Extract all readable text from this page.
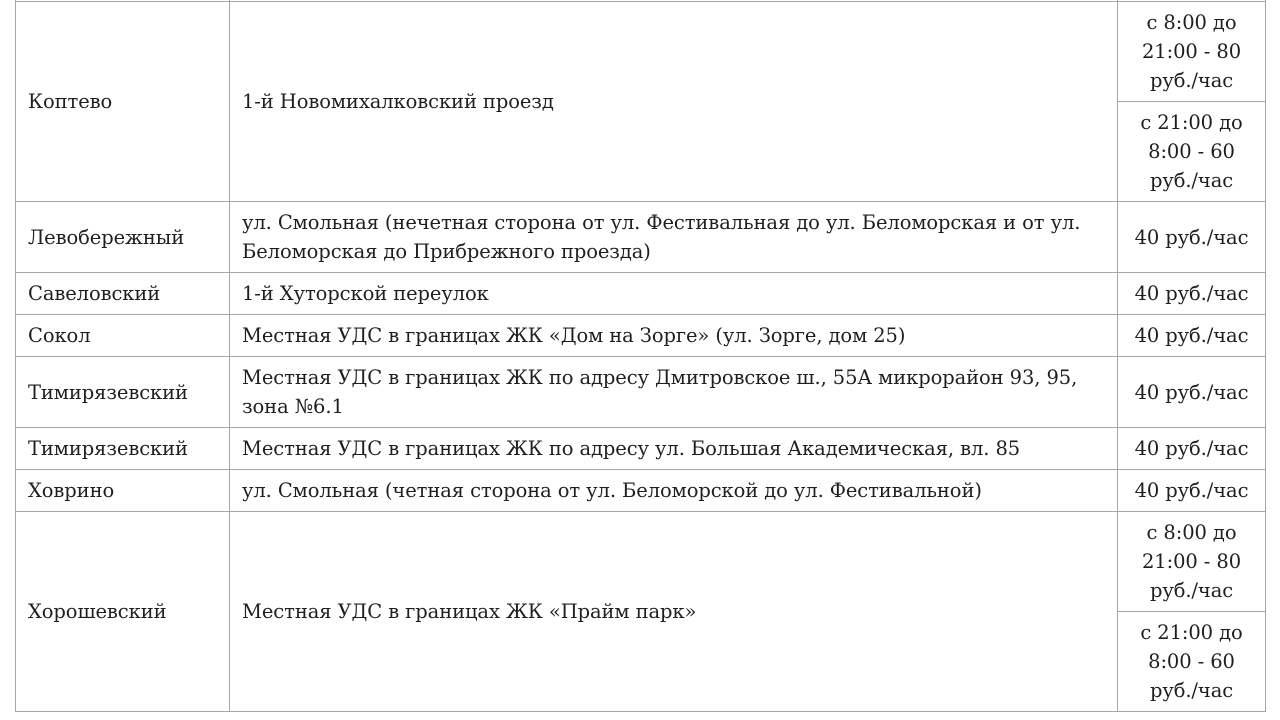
Коптево	1-й Новомихалковский проезд	с 8:00 до 21:00 - 80 руб./час
		с 21:00 до 8:00 - 60 руб./час
Левобережный	ул. Смольная (нечетная сторона от ул. Фестивальная до ул. Беломорская и от ул. Беломорская до Прибрежного проезда)	40 руб./час
Савеловский	1-й Хуторской переулок	40 руб./час
Сокол	Местная УДС в границах ЖК «Дом на Зорге» (ул. Зорге, дом 25)	40 руб./час
Тимирязевский	Местная УДС в границах ЖК по адресу Дмитровское ш., 55А микрорайон 93, 95, зона №6.1	40 руб./час
Тимирязевский	Местная УДС в границах ЖК по адресу ул. Большая Академическая, вл. 85	40 руб./час
Ховрино	ул. Смольная (четная сторона от ул. Беломорской до ул. Фестивальной)	40 руб./час
Хорошевский	Местная УДС в границах ЖК «Прайм парк»	с 8:00 до 21:00 - 80 руб./час
		с 21:00 до 8:00 - 60 руб./час
